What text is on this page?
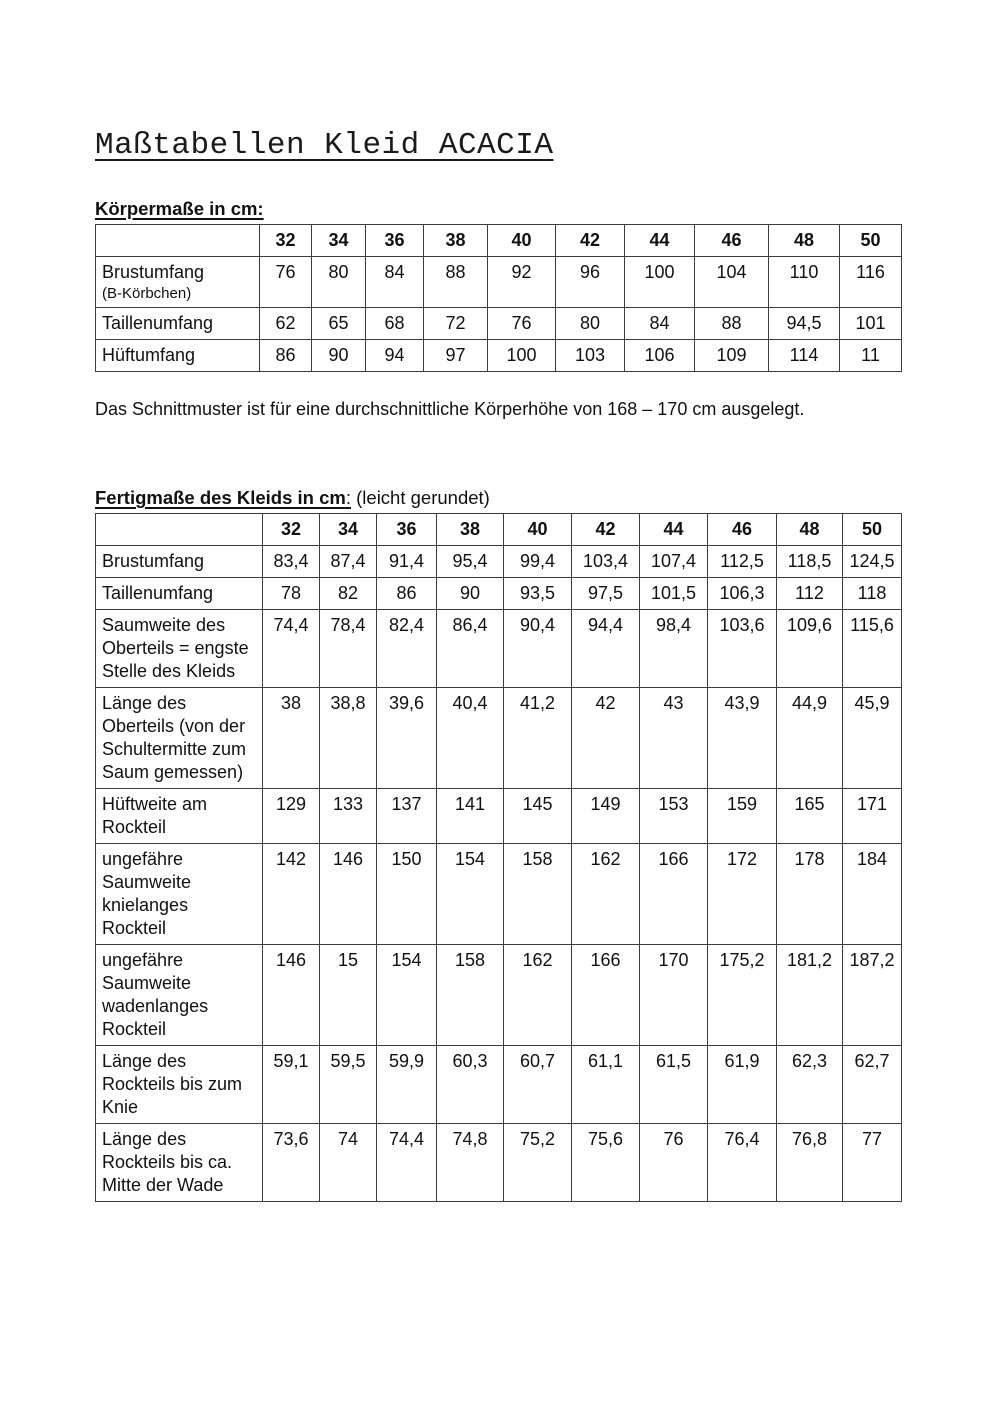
Maßtabellen Kleid ACACIA
Körpermaße in cm:
	32	34	36	38	40	42	44	46	48	50

Brustumfang
(B-Körbchen)	76	80	84	88	92	96	100	104	110	116
Taillenumfang	62	65	68	72	76	80	84	88	94,5	101
Hüftumfang	86	90	94	97	100	103	106	109	114	11

Das Schnittmuster ist für eine durchschnittliche Körperhöhe von 168 – 170 cm ausgelegt.

Fertigmaße des Kleids in cm: (leicht gerundet)
	32	34	36	38	40	42	44	46	48	50
Brustumfang	83,4	87,4	91,4	95,4	99,4	103,4	107,4	112,5	118,5	124,5
Taillenumfang	78	82	86	90	93,5	97,5	101,5	106,3	112	118
Saumweite des Oberteils = engste Stelle des Kleids	74,4	78,4	82,4	86,4	90,4	94,4	98,4	103,6	109,6	115,6
Länge des Oberteils (von der Schultermitte zum Saum gemessen)	38	38,8	39,6	40,4	41,2	42	43	43,9	44,9	45,9
Hüftweite am Rockteil	129	133	137	141	145	149	153	159	165	171
ungefähre Saumweite knielanges Rockteil	142	146	150	154	158	162	166	172	178	184
ungefähre Saumweite wadenlanges Rockteil	146	15	154	158	162	166	170	175,2	181,2	187,2
Länge des Rockteils bis zum Knie	59,1	59,5	59,9	60,3	60,7	61,1	61,5	61,9	62,3	62,7
Länge des Rockteils bis ca. Mitte der Wade	73,6	74	74,4	74,8	75,2	75,6	76	76,4	76,8	77
